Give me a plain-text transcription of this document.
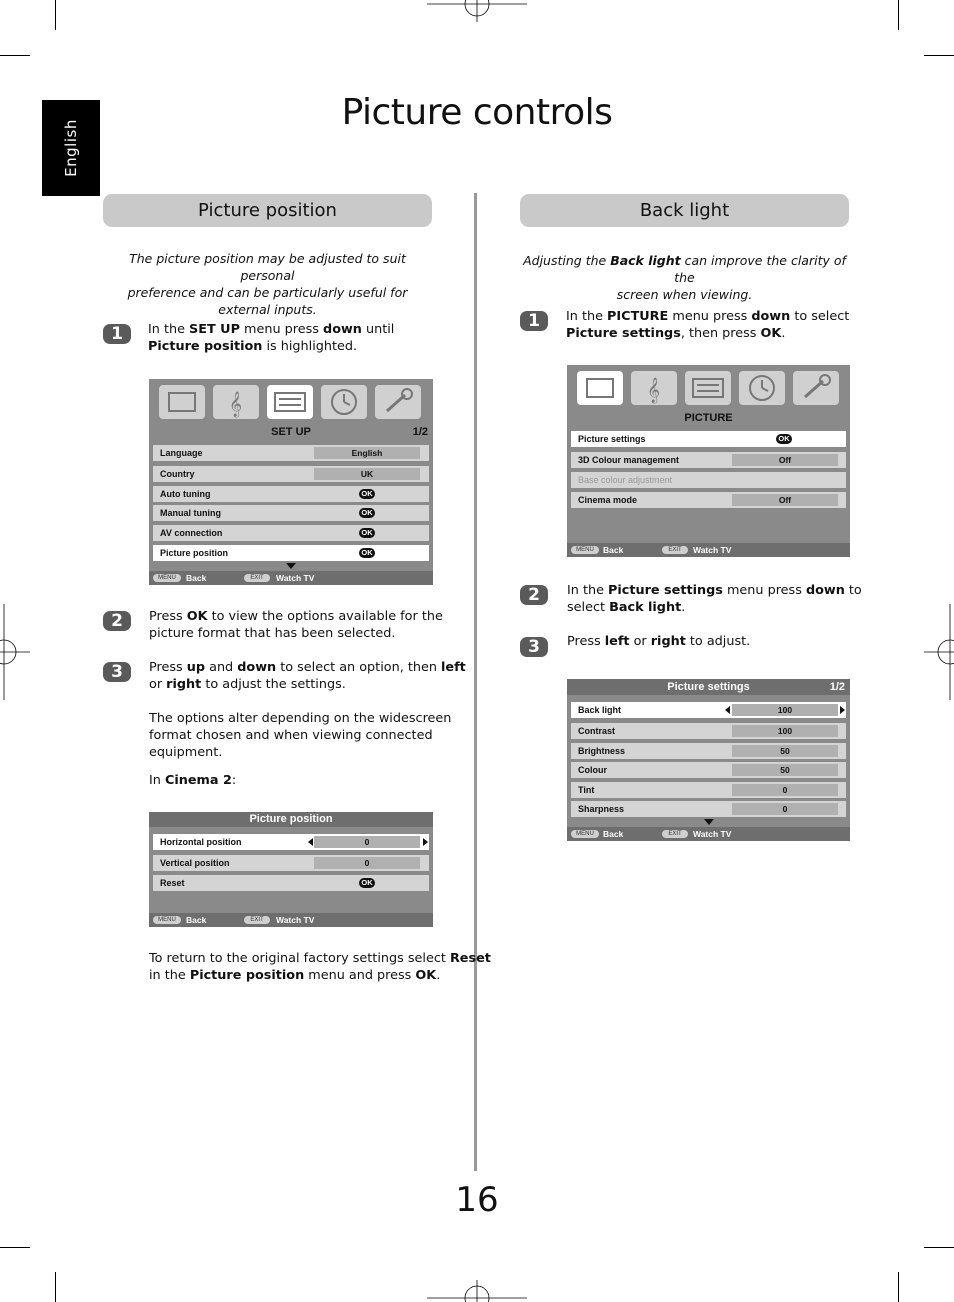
English
Picture controls
Picture position	Back light
The picture position may be adjusted to suit personal
preference and can be particularly useful for
external inputs.
1	In the SET UP menu press down until
Picture position is highlighted.
𝄞
SET UP	1/2
Language	English
Country	UK
Auto tuning	OK
Manual tuning	OK
AV connection	OK
Picture position	OK
MENU	Back	EXIT	Watch TV
2	Press OK to view the options available for the
picture format that has been selected.
3	Press up and down to select an option, then left
or right to adjust the settings.
The options alter depending on the widescreen
format chosen and when viewing connected
equipment.
In Cinema 2:
Picture position
Horizontal position	0
Vertical position	0
Reset	OK
MENU	Back	EXIT	Watch TV
To return to the original factory settings select Reset
in the Picture position menu and press OK.
Adjusting the Back light can improve the clarity of the
screen when viewing.
1	In the PICTURE menu press down to select
Picture settings, then press OK.
𝄞
PICTURE
Picture settings	OK
3D Colour management	Off
Base colour adjustment
Cinema mode	Off
MENU	Back	EXIT	Watch TV
2	In the Picture settings menu press down to
select Back light.
3	Press left or right to adjust.
Picture settings	1/2
Back light	100
Contrast	100
Brightness	50
Colour	50
Tint	0
Sharpness	0
MENU	Back	EXIT	Watch TV
16
